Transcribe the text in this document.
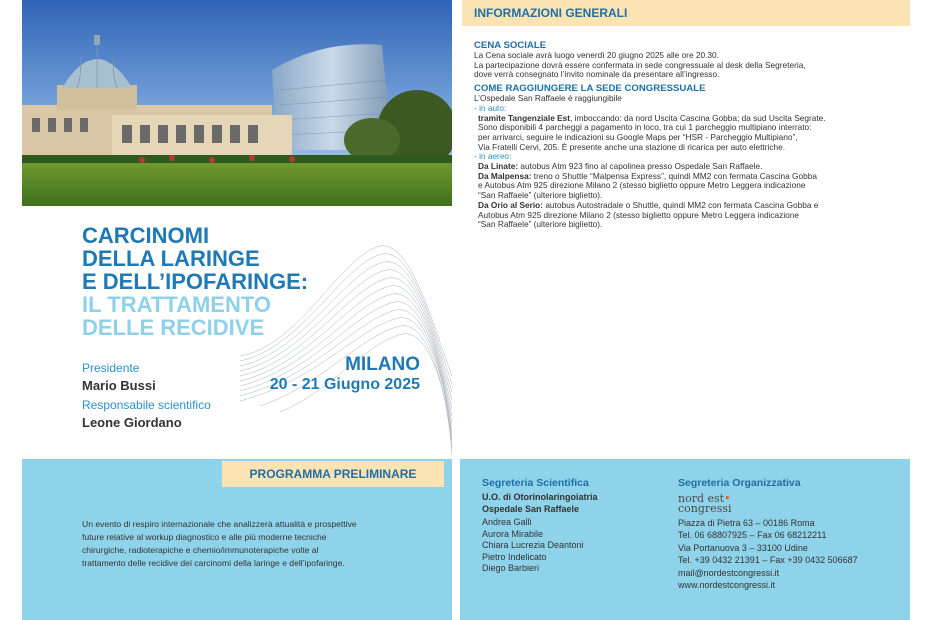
CARCINOMI
DELLA LARINGE
E DELL’IPOFARINGE:
IL TRATTAMENTO
DELLE RECIDIVE
Presidente
Mario Bussi
Responsabile scientifico
Leone Giordano
MILANO
20 - 21 Giugno 2025
INFORMAZIONI GENERALI

CENA SOCIALE

La Cena sociale avrà luogo venerdì 20 giugno 2025 alle ore 20.30.

La partecipazione dovrà essere confermata in sede congressuale al desk della Segreteria,

dove verrà consegnato l’invito nominale da presentare all’ingresso.

COME RAGGIUNGERE LA SEDE CONGRESSUALE

L’Ospedale San Raffaele è raggiungibile

- in auto:

tramite Tangenziale Est, imboccando: da nord Uscita Cascina Gobba; da sud Uscita Segrate.

Sono disponibili 4 parcheggi a pagamento in loco, tra cui 1 parcheggio multipiano interrato:

per arrivarci, seguire le indicazioni su Google Maps per “HSR - Parcheggio Multipiano”,

Via Fratelli Cervi, 205. È presente anche una stazione di ricarica per auto elettriche.

- in aereo:

Da Linate: autobus Atm 923 fino al capolinea presso Ospedale San Raffaele.

Da Malpensa: treno o Shuttle “Malpensa Express”, quindi MM2 con fermata Cascina Gobba

e Autobus Atm 925 direzione Milano 2 (stesso biglietto oppure Metro Leggera indicazione

“San Raffaele” (ulteriore biglietto).

Da Orio al Serio: autobus Autostradale o Shuttle, quindi MM2 con fermata Cascina Gobba e

Autobus Atm 925 direzione Milano 2 (stesso biglietto oppure Metro Leggera indicazione

“San Raffaele” (ulteriore biglietto).

PROGRAMMA PRELIMINARE

Un evento di respiro internazionale che analizzerà attualità e prospettive
future relative al workup diagnostico e alle più moderne tecniche
chirurgiche, radioterapiche e chemio/immunoterapiche volte al
trattamento delle recidive dei carcinomi della laringe e dell’ipofaringe.

Segreteria Scientifica
U.O. di Otorinolaringoiatria
Ospedale San Raffaele
Andrea Galli
Aurora Mirabile
Chiara Lucrezia Deantoni
Pietro Indelicato
Diego Barbieri
Segreteria Organizzativa
nord est•
congressi
Piazza di Pietra 63 – 00186 Roma
Tel. 06 68807925 – Fax 06 68212211
Via Portanuova 3 – 33100 Udine
Tel. +39 0432 21391 – Fax +39 0432 506687
mail@nordestcongressi.it
www.nordestcongressi.it
